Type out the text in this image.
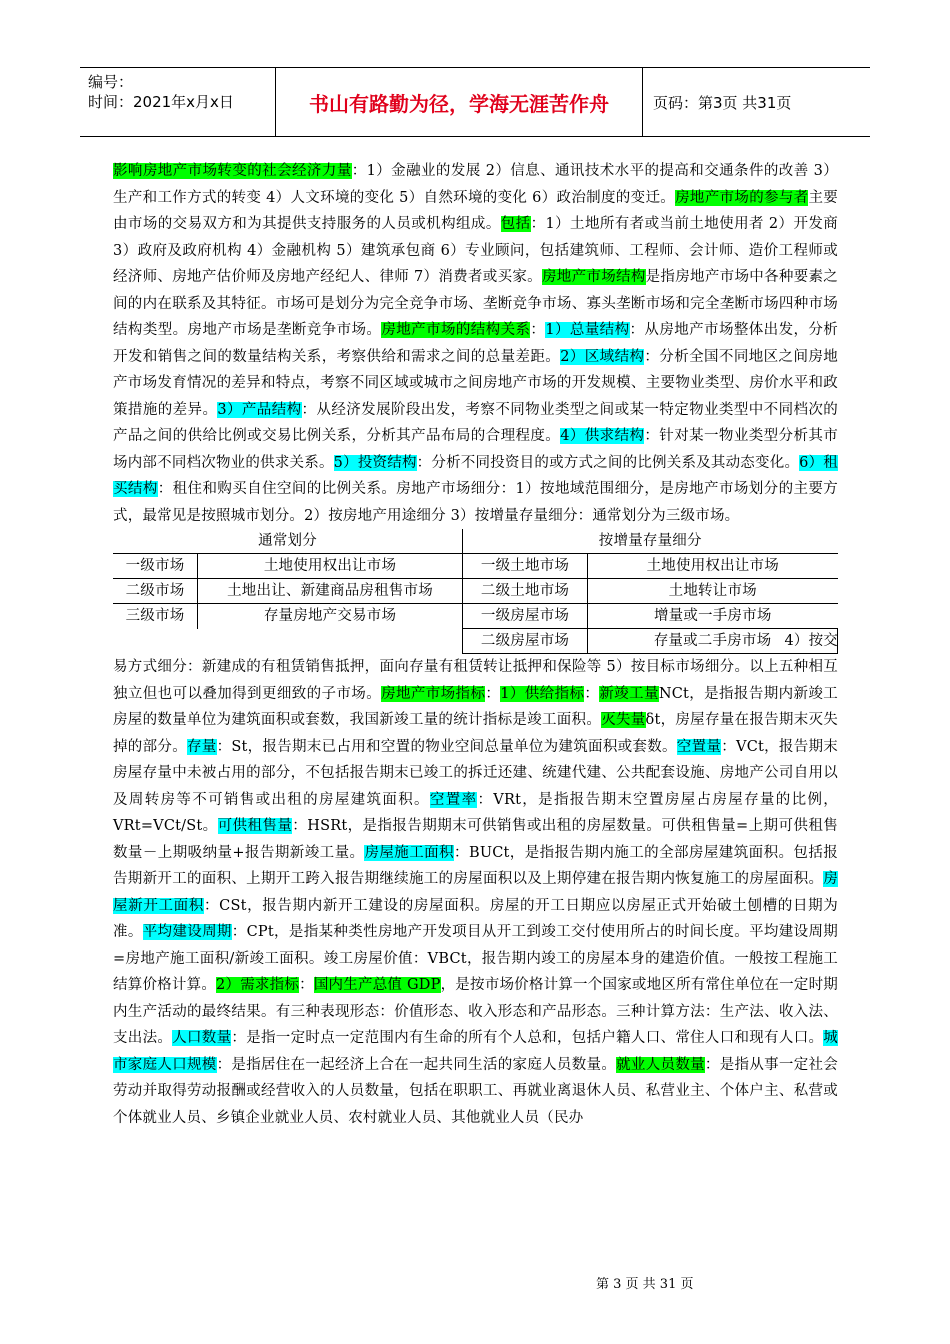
编号：
时间：2021年x月x日	书山有路勤为径，学海无涯苦作舟	页码：第3页 共31页
影响房地产市场转变的社会经济力量：1）金融业的发展 2）信息、通讯技术水平的提高和交通条件的改善 3）生产和工作方式的转变 4）人文环境的变化 5）自然环境的变化 6）政治制度的变迁。房地产市场的参与者主要由市场的交易双方和为其提供支持服务的人员或机构组成。包括：1）土地所有者或当前土地使用者 2）开发商 3）政府及政府机构 4）金融机构 5）建筑承包商 6）专业顾问，包括建筑师、工程师、会计师、造价工程师或经济师、房地产估价师及房地产经纪人、律师 7）消费者或买家。房地产市场结构是指房地产市场中各种要素之间的内在联系及其特征。市场可是划分为完全竞争市场、垄断竞争市场、寡头垄断市场和完全垄断市场四种市场结构类型。房地产市场是垄断竞争市场。房地产市场的结构关系：1）总量结构：从房地产市场整体出发，分析开发和销售之间的数量结构关系，考察供给和需求之间的总量差距。2）区域结构：分析全国不同地区之间房地产市场发育情况的差异和特点，考察不同区域或城市之间房地产市场的开发规模、主要物业类型、房价水平和政策措施的差异。3）产品结构：从经济发展阶段出发，考察不同物业类型之间或某一特定物业类型中不同档次的产品之间的供给比例或交易比例关系，分析其产品布局的合理程度。4）供求结构：针对某一物业类型分析其市场内部不同档次物业的供求关系。5）投资结构：分析不同投资目的或方式之间的比例关系及其动态变化。6）租买结构：租住和购买自住空间的比例关系。房地产市场细分：1）按地域范围细分，是房地产市场划分的主要方式，最常见是按照城市划分。2）按房地产用途细分 3）按增量存量细分：通常划分为三级市场。
通常划分		按增量存量细分	
一级市场	土地使用权出让市场	一级土地市场	土地使用权出让市场
二级市场	土地出让、新建商品房租售市场	二级土地市场	土地转让市场
三级市场	存量房地产交易市场	一级房屋市场	增量或一手房市场
		二级房屋市场	存量或二手房市场 4）按交
易方式细分：新建成的有租赁销售抵押，面向存量有租赁转让抵押和保险等 5）按目标市场细分。以上五种相互独立但也可以叠加得到更细致的子市场。房地产市场指标：1）供给指标：新竣工量NCt，是指报告期内新竣工房屋的数量单位为建筑面积或套数，我国新竣工量的统计指标是竣工面积。灭失量δt，房屋存量在报告期末灭失掉的部分。存量：St，报告期末已占用和空置的物业空间总量单位为建筑面积或套数。空置量：VCt，报告期末房屋存量中未被占用的部分，不包括报告期末已竣工的拆迁还建、统建代建、公共配套设施、房地产公司自用以及周转房等不可销售或出租的房屋建筑面积。空置率：VRt，是指报告期末空置房屋占房屋存量的比例，VRt=VCt/St。可供租售量：HSRt，是指报告期期末可供销售或出租的房屋数量。可供租售量=上期可供租售数量－上期吸纳量+报告期新竣工量。房屋施工面积：BUCt，是指报告期内施工的全部房屋建筑面积。包括报告期新开工的面积、上期开工跨入报告期继续施工的房屋面积以及上期停建在报告期内恢复施工的房屋面积。房屋新开工面积：CSt，报告期内新开工建设的房屋面积。房屋的开工日期应以房屋正式开始破土刨槽的日期为准。平均建设周期：CPt，是指某种类性房地产开发项目从开工到竣工交付使用所占的时间长度。平均建设周期=房地产施工面积/新竣工面积。竣工房屋价值：VBCt，报告期内竣工的房屋本身的建造价值。一般按工程施工结算价格计算。2）需求指标：国内生产总值 GDP，是按市场价格计算一个国家或地区所有常住单位在一定时期内生产活动的最终结果。有三种表现形态：价值形态、收入形态和产品形态。三种计算方法：生产法、收入法、支出法。人口数量：是指一定时点一定范围内有生命的所有个人总和，包括户籍人口、常住人口和现有人口。城市家庭人口规模：是指居住在一起经济上合在一起共同生活的家庭人员数量。就业人员数量：是指从事一定社会劳动并取得劳动报酬或经营收入的人员数量，包括在职职工、再就业离退休人员、私营业主、个体户主、私营或个体就业人员、乡镇企业就业人员、农村就业人员、其他就业人员（民办
第 3 页 共 31 页
